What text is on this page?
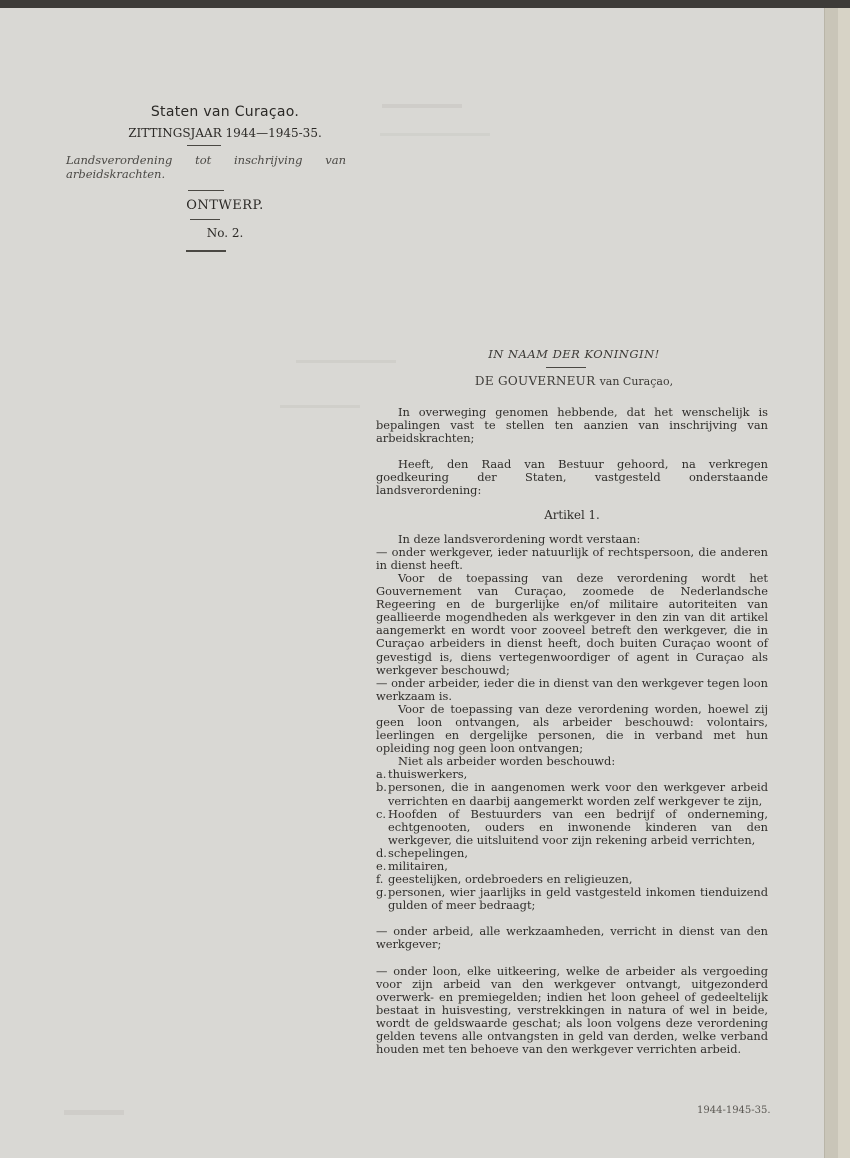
Staten van Curaçao.
ZITTINGSJAAR 1944—1945-35.
Landsverordening tot inschrijving van arbeidskrachten.
ONTWERP.
No. 2.
IN NAAM DER KONINGIN!
DE GOUVERNEUR van Curaçao,

In overweging genomen hebbende, dat het wenschelijk is bepalingen vast te stellen ten aanzien van inschrijving van arbeidskrachten;

Heeft, den Raad van Bestuur gehoord, na verkregen goedkeuring der Staten, vastgesteld onderstaande landsverordening:

Artikel 1.

In deze landsverordening wordt verstaan:

— onder werkgever, ieder natuurlijk of rechtspersoon, die anderen in dienst heeft.

Voor de toepassing van deze verordening wordt het Gouvernement van Curaçao, zoomede de Nederlandsche Regeering en de burgerlijke en/of militaire autoriteiten van geallieerde mogendheden als werkgever in den zin van dit artikel aangemerkt en wordt voor zooveel betreft den werkgever, die in Curaçao arbeiders in dienst heeft, doch buiten Curaçao woont of gevestigd is, diens vertegenwoordiger of agent in Curaçao als werkgever beschouwd;

— onder arbeider, ieder die in dienst van den werkgever tegen loon werkzaam is.

Voor de toepassing van deze verordening worden, hoewel zij geen loon ontvangen, als arbeider beschouwd: volontairs, leerlingen en dergelijke personen, die in verband met hun opleiding nog geen loon ontvangen;

Niet als arbeider worden beschouwd:

a. thuiswerkers,
b. personen, die in aangenomen werk voor den werkgever arbeid verrichten en daarbij aangemerkt worden zelf werkgever te zijn,
c. Hoofden of Bestuurders van een bedrijf of onderneming, echtgenooten, ouders en inwonende kinderen van den werkgever, die uitsluitend voor zijn rekening arbeid verrichten,
d. schepelingen,
e. militairen,
f. geestelijken, ordebroeders en religieuzen,
g. personen, wier jaarlijks in geld vastgesteld inkomen tienduizend gulden of meer bedraagt;

— onder arbeid, alle werkzaamheden, verricht in dienst van den werkgever;

— onder loon, elke uitkeering, welke de arbeider als vergoeding voor zijn arbeid van den werkgever ontvangt, uitgezonderd overwerk- en premiegelden; indien het loon geheel of gedeeltelijk bestaat in huisvesting, verstrekkingen in natura of wel in beide, wordt de geldswaarde geschat; als loon volgens deze verordening gelden tevens alle ontvangsten in geld van derden, welke verband houden met ten behoeve van den werkgever verrichten arbeid.

1944-1945-35.
